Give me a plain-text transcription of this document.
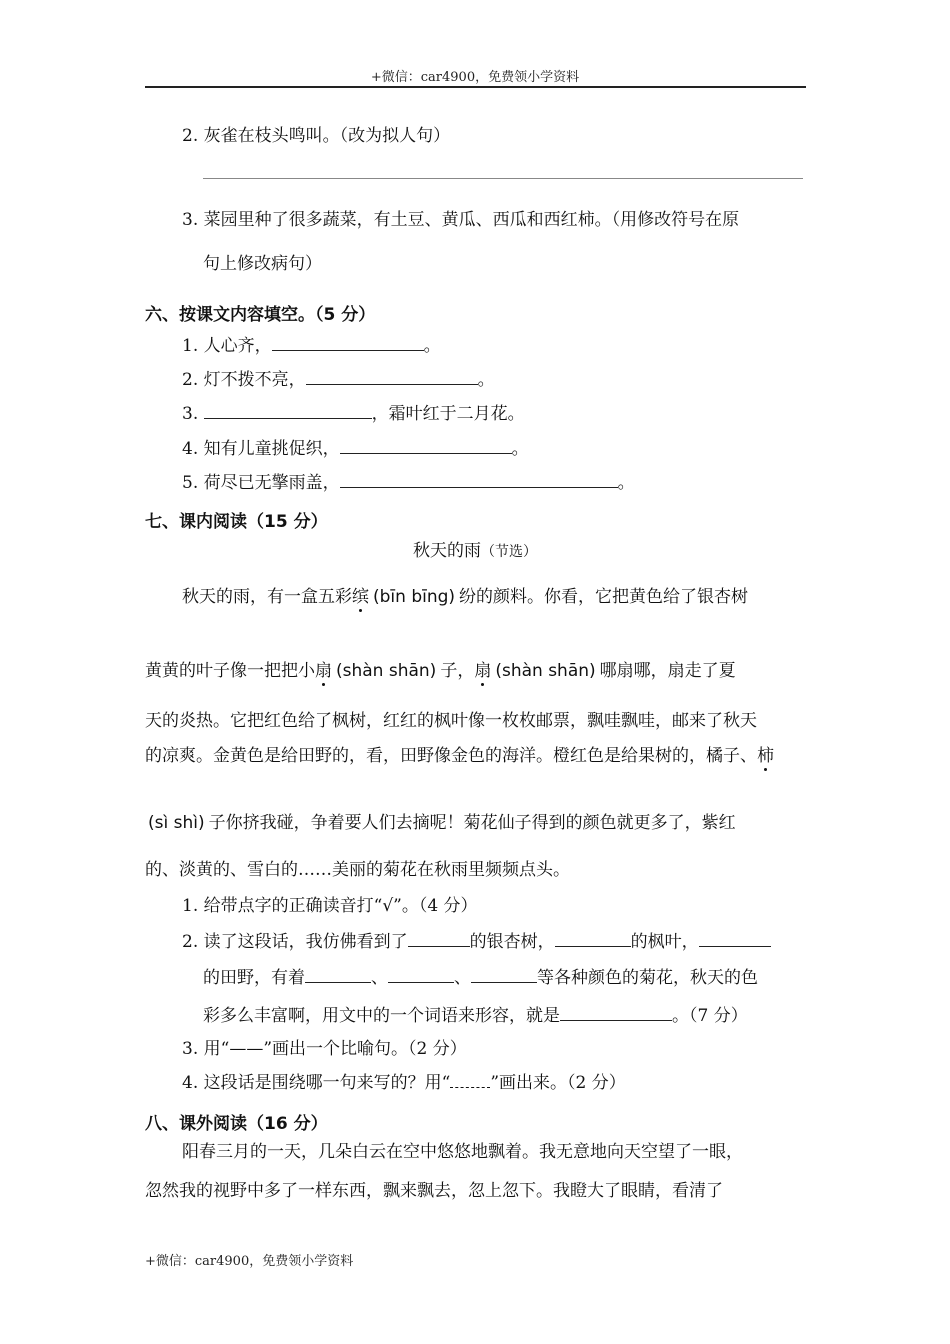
+微信：car4900，免费领小学资料
2. 灰雀在枝头鸣叫。（改为拟人句）
3. 菜园里种了很多蔬菜，有土豆、黄瓜、西瓜和西红柿。（用修改符号在原
句上修改病句）
六、按课文内容填空。（5 分）
1. 人心齐，	。
2. 灯不拨不亮，	。
3.	，霜叶红于二月花。
4. 知有儿童挑促织，	。
5. 荷尽已无擎雨盖，	。
七、课内阅读（15 分）
秋天的雨（节选）
秋天的雨，有一盒五彩缤 (bīn bīng) 纷的颜料。你看，它把黄色给了银杏树
黄黄的叶子像一把把小扇 (shàn shān) 子，扇 (shàn shān) 哪扇哪，扇走了夏
天的炎热。它把红色给了枫树，红红的枫叶像一枚枚邮票，飘哇飘哇，邮来了秋天
的凉爽。金黄色是给田野的，看，田野像金色的海洋。橙红色是给果树的，橘子、柿
(sì shì) 子你挤我碰，争着要人们去摘呢！菊花仙子得到的颜色就更多了，紫红
的、淡黄的、雪白的……美丽的菊花在秋雨里频频点头。
1. 给带点字的正确读音打“√”。（4 分）
2. 读了这段话，我仿佛看到了	的银杏树，	的枫叶，
的田野，有着	、	、	等各种颜色的菊花，秋天的色
彩多么丰富啊，用文中的一个词语来形容，就是	。（7 分）
3. 用“——”画出一个比喻句。（2 分）
4. 这段话是围绕哪一句来写的？用“ ”画出来。（2 分）
八、课外阅读（16 分）
阳春三月的一天，几朵白云在空中悠悠地飘着。我无意地向天空望了一眼，
忽然我的视野中多了一样东西，飘来飘去，忽上忽下。我瞪大了眼睛，看清了
+微信：car4900，免费领小学资料
